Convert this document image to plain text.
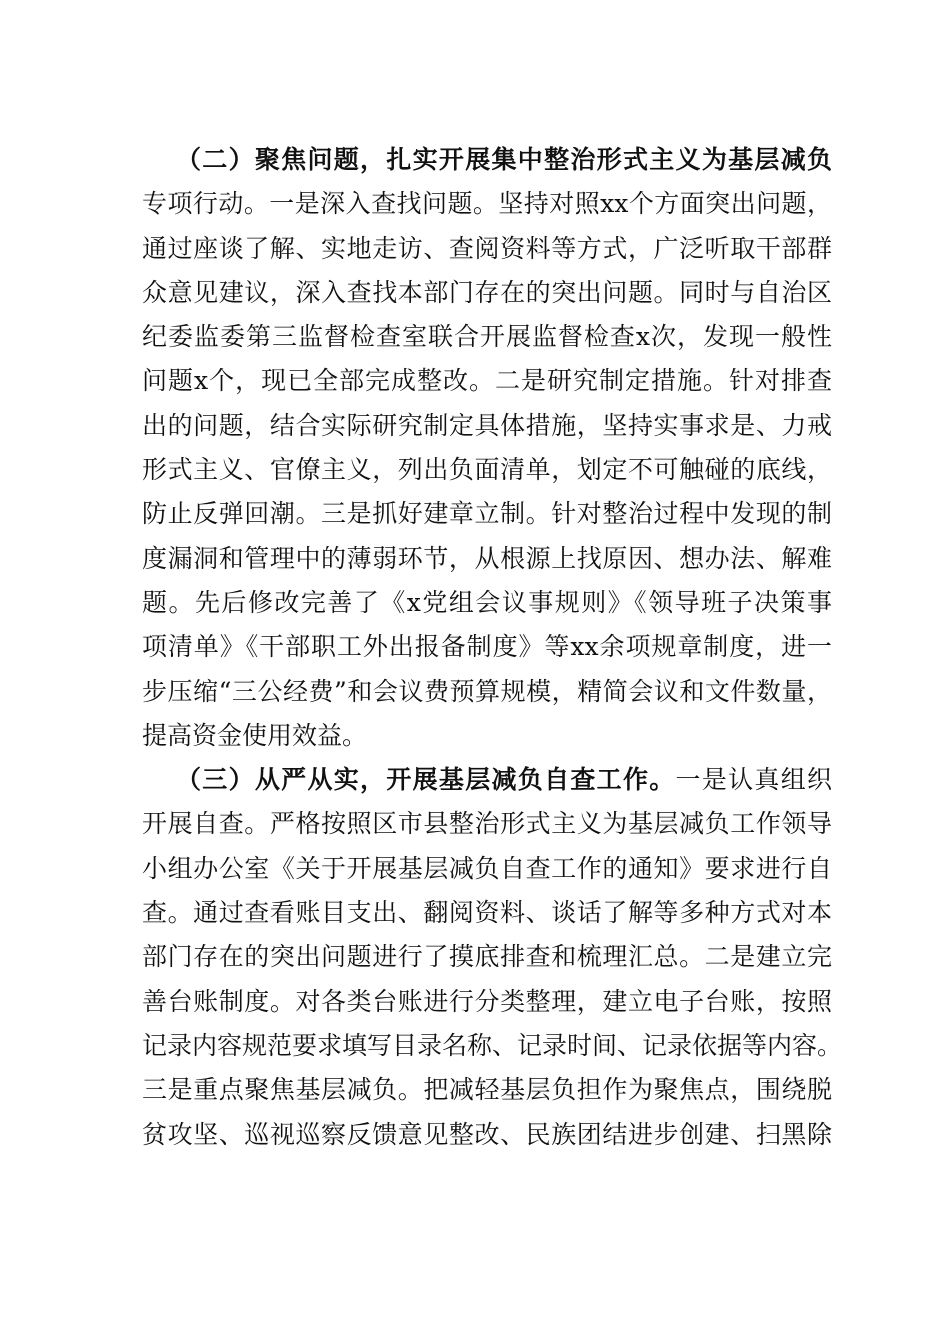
（二）聚焦问题，扎实开展集中整治形式主义为基层减负
专项行动。一是深入查找问题。坚持对照xx个方面突出问题，
通过座谈了解、实地走访、查阅资料等方式，广泛听取干部群
众意见建议，深入查找本部门存在的突出问题。同时与自治区
纪委监委第三监督检查室联合开展监督检查x次，发现一般性
问题x个，现已全部完成整改。二是研究制定措施。针对排查
出的问题，结合实际研究制定具体措施，坚持实事求是、力戒
形式主义、官僚主义，列出负面清单，划定不可触碰的底线，
防止反弹回潮。三是抓好建章立制。针对整治过程中发现的制
度漏洞和管理中的薄弱环节，从根源上找原因、想办法、解难
题。先后修改完善了《x党组会议事规则》《领导班子决策事
项清单》《干部职工外出报备制度》等xx余项规章制度，进一
步压缩“三公经费”和会议费预算规模，精简会议和文件数量，
提高资金使用效益。
（三）从严从实，开展基层减负自查工作。一是认真组织
开展自查。严格按照区市县整治形式主义为基层减负工作领导
小组办公室《关于开展基层减负自查工作的通知》要求进行自
查。通过查看账目支出、翻阅资料、谈话了解等多种方式对本
部门存在的突出问题进行了摸底排查和梳理汇总。二是建立完
善台账制度。对各类台账进行分类整理，建立电子台账，按照
记录内容规范要求填写目录名称、记录时间、记录依据等内容。
三是重点聚焦基层减负。把减轻基层负担作为聚焦点，围绕脱
贫攻坚、巡视巡察反馈意见整改、民族团结进步创建、扫黑除
